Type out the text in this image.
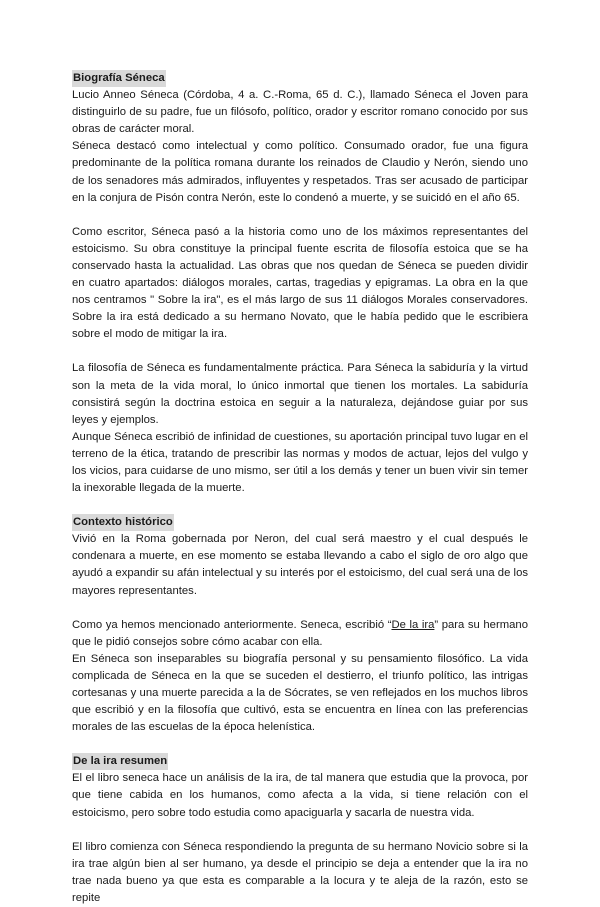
Biografía Séneca

Lucio Anneo Séneca (Córdoba, 4 a. C.-Roma, 65 d. C.), llamado Séneca el Joven para distinguirlo de su padre, fue un filósofo, político, orador y escritor romano conocido por sus obras de carácter moral.

Séneca destacó como intelectual y como político. Consumado orador, fue una figura predominante de la política romana durante los reinados de Claudio y Nerón, siendo uno de los senadores más admirados, influyentes y respetados. Tras ser acusado de participar en la conjura de Pisón contra Nerón, este lo condenó a muerte, y se suicidó en el año 65.

Como escritor, Séneca pasó a la historia como uno de los máximos representantes del estoicismo. Su obra constituye la principal fuente escrita de filosofía estoica que se ha conservado hasta la actualidad. Las obras que nos quedan de Séneca se pueden dividir en cuatro apartados: diálogos morales, cartas, tragedias y epigramas. La obra en la que nos centramos " Sobre la ira", es el más largo de sus 11 diálogos Morales conservadores. Sobre la ira está dedicado a su hermano Novato, que le había pedido que le escribiera sobre el modo de mitigar la ira.

La filosofía de Séneca es fundamentalmente práctica. Para Séneca la sabiduría y la virtud son la meta de la vida moral, lo único inmortal que tienen los mortales. La sabiduría consistirá según la doctrina estoica en seguir a la naturaleza, dejándose guiar por sus leyes y ejemplos.

Aunque Séneca escribió de infinidad de cuestiones, su aportación principal tuvo lugar en el terreno de la ética, tratando de prescribir las normas y modos de actuar, lejos del vulgo y los vicios, para cuidarse de uno mismo, ser útil a los demás y tener un buen vivir sin temer la inexorable llegada de la muerte.

Contexto histórico

Vivió en la Roma gobernada por Neron, del cual será maestro y el cual después le condenara a muerte, en ese momento se estaba llevando a cabo el siglo de oro algo que ayudó a expandir su afán intelectual y su interés por el estoicismo, del cual será una de los mayores representantes.

Como ya hemos mencionado anteriormente. Seneca, escribió “De la ira” para su hermano que le pidió consejos sobre cómo acabar con ella.

En Séneca son inseparables su biografía personal y su pensamiento filosófico. La vida complicada de Séneca en la que se suceden el destierro, el triunfo político, las intrigas cortesanas y una muerte parecida a la de Sócrates, se ven reflejados en los muchos libros que escribió y en la filosofía que cultivó, esta se encuentra en línea con las preferencias morales de las escuelas de la época helenística.

De la ira resumen

El el libro seneca hace un análisis de la ira, de tal manera que estudia que la provoca, por que tiene cabida en los humanos, como afecta a la vida, si tiene relación con el estoicismo, pero sobre todo estudia como apaciguarla y sacarla de nuestra vida.

El libro comienza con Séneca respondiendo la pregunta de su hermano Novicio sobre si la ira trae algún bien al ser humano, ya desde el principio se deja a entender que la ira no trae nada bueno ya que esta es comparable a la locura y te aleja de la razón, esto se repite
